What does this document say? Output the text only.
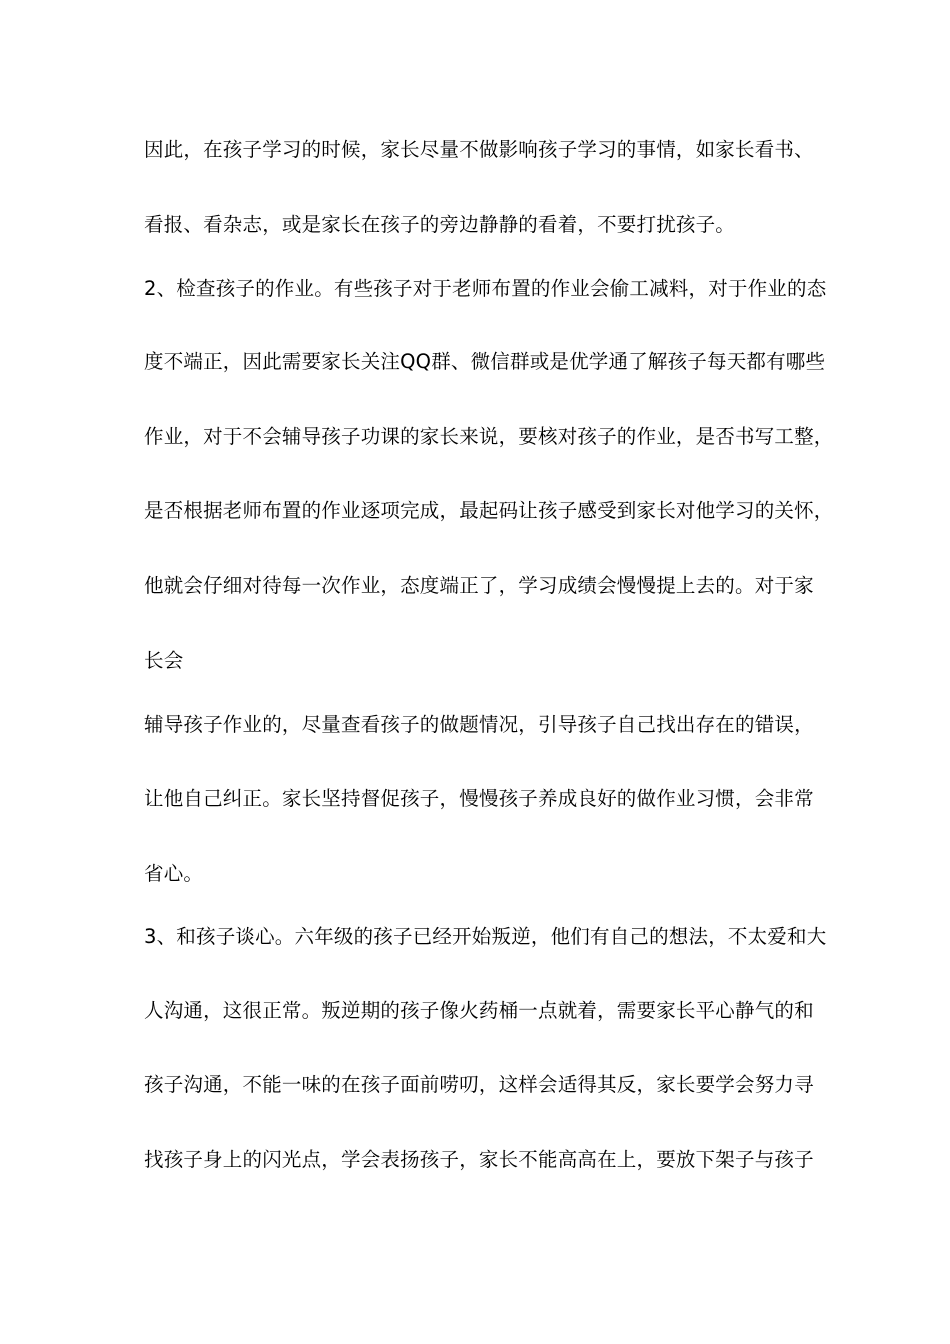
因此，在孩子学习的时候，家长尽量不做影响孩子学习的事情，如家长看书、
看报、看杂志，或是家长在孩子的旁边静静的看着，不要打扰孩子。
2、检查孩子的作业。有些孩子对于老师布置的作业会偷工减料，对于作业的态
度不端正，因此需要家长关注QQ群、微信群或是优学通了解孩子每天都有哪些
作业，对于不会辅导孩子功课的家长来说，要核对孩子的作业，是否书写工整，
是否根据老师布置的作业逐项完成，最起码让孩子感受到家长对他学习的关怀，
他就会仔细对待每一次作业，态度端正了，学习成绩会慢慢提上去的。对于家
长会
辅导孩子作业的，尽量查看孩子的做题情况，引导孩子自己找出存在的错误，
让他自己纠正。家长坚持督促孩子，慢慢孩子养成良好的做作业习惯，会非常
省心。
3、和孩子谈心。六年级的孩子已经开始叛逆，他们有自己的想法，不太爱和大
人沟通，这很正常。叛逆期的孩子像火药桶一点就着，需要家长平心静气的和
孩子沟通，不能一味的在孩子面前唠叨，这样会适得其反，家长要学会努力寻
找孩子身上的闪光点，学会表扬孩子，家长不能高高在上，要放下架子与孩子
